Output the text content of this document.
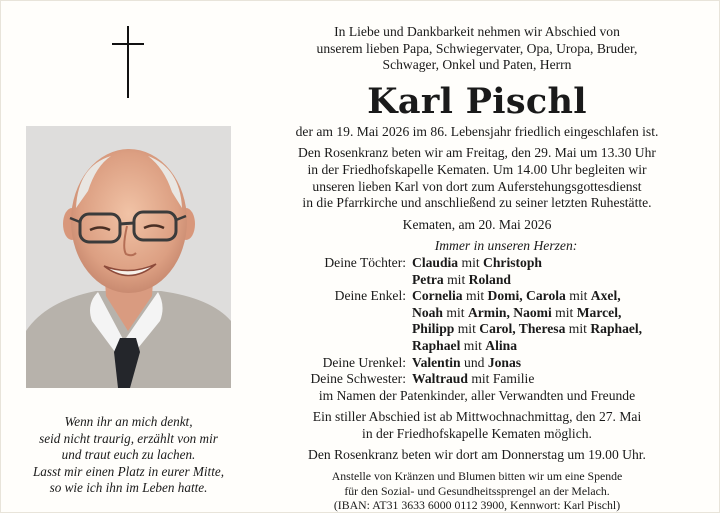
Wenn ihr an mich denkt,
seid nicht traurig, erzählt von mir
und traut euch zu lachen.
Lasst mir einen Platz in eurer Mitte,
so wie ich ihn im Leben hatte.
In Liebe und Dankbarkeit nehmen wir Abschied von
unserem lieben Papa, Schwiegervater, Opa, Uropa, Bruder,
Schwager, Onkel und Paten, Herrn
Karl Pischl
der am 19. Mai 2026 im 86. Lebensjahr friedlich eingeschlafen ist.
Den Rosenkranz beten wir am Freitag, den 29. Mai um 13.30 Uhr
in der Friedhofskapelle Kematen. Um 14.00 Uhr begleiten wir
unseren lieben Karl von dort zum Auferstehungsgottesdienst
in die Pfarrkirche und anschließend zu seiner letzten Ruhestätte.
Kematen, am 20. Mai 2026
Immer in unseren Herzen:
Deine Töchter: Claudia mit Christoph
Petra mit Roland
Deine Enkel: Cornelia mit Domi, Carola mit Axel,
Noah mit Armin, Naomi mit Marcel,
Philipp mit Carol, Theresa mit Raphael,
Raphael mit Alina
Deine Urenkel: Valentin und Jonas
Deine Schwester: Waltraud mit Familie
im Namen der Patenkinder, aller Verwandten und Freunde
Ein stiller Abschied ist ab Mittwochnachmittag, den 27. Mai
in der Friedhofskapelle Kematen möglich.
Den Rosenkranz beten wir dort am Donnerstag um 19.00 Uhr.
Anstelle von Kränzen und Blumen bitten wir um eine Spende
für den Sozial- und Gesundheitssprengel an der Melach.
(IBAN: AT31 3633 6000 0112 3900, Kennwort: Karl Pischl)
